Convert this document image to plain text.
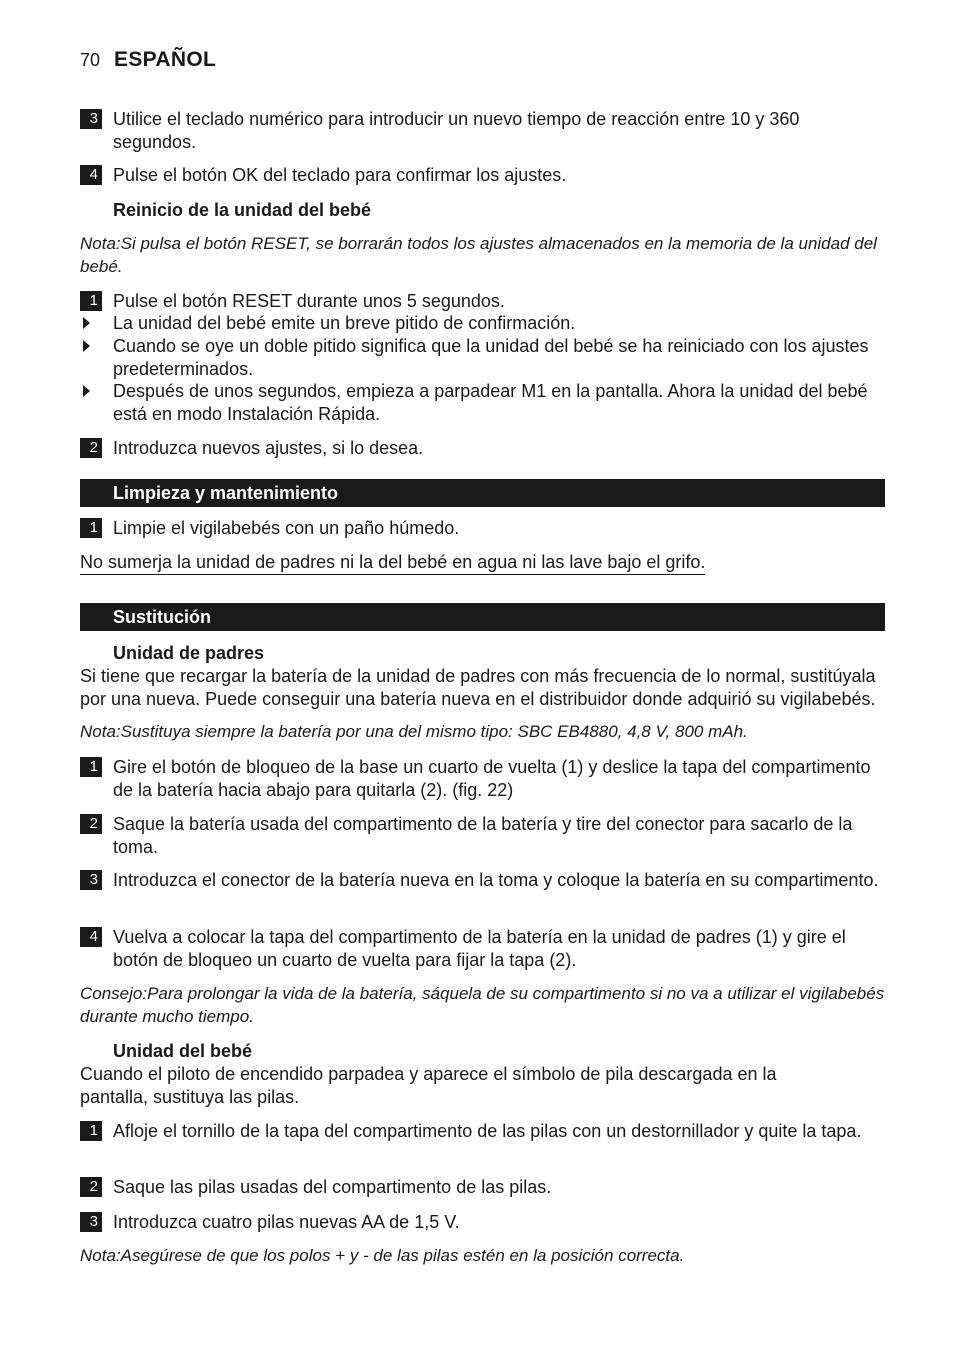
70 ESPAÑOL
3 Utilice el teclado numérico para introducir un nuevo tiempo de reacción entre 10 y 360 segundos.
4 Pulse el botón OK del teclado para confirmar los ajustes.
Reinicio de la unidad del bebé
Nota:Si pulsa el botón RESET, se borrarán todos los ajustes almacenados en la memoria de la unidad del bebé.
1 Pulse el botón RESET durante unos 5 segundos.
La unidad del bebé emite un breve pitido de confirmación.
Cuando se oye un doble pitido significa que la unidad del bebé se ha reiniciado con los ajustes predeterminados.
Después de unos segundos, empieza a parpadear M1 en la pantalla. Ahora la unidad del bebé está en modo Instalación Rápida.
2 Introduzca nuevos ajustes, si lo desea.
Limpieza y mantenimiento
1 Limpie el vigilabebés con un paño húmedo.
No sumerja la unidad de padres ni la del bebé en agua ni las lave bajo el grifo.
Sustitución
Unidad de padres
Si tiene que recargar la batería de la unidad de padres con más frecuencia de lo normal, sustitúyala por una nueva. Puede conseguir una batería nueva en el distribuidor donde adquirió su vigilabebés.
Nota:Sustituya siempre la batería por una del mismo tipo: SBC EB4880, 4,8 V, 800 mAh.
1 Gire el botón de bloqueo de la base un cuarto de vuelta (1) y deslice la tapa del compartimento de la batería hacia abajo para quitarla (2). (fig. 22)
2 Saque la batería usada del compartimento de la batería y tire del conector para sacarlo de la toma.
3 Introduzca el conector de la batería nueva en la toma y coloque la batería en su compartimento.
4 Vuelva a colocar la tapa del compartimento de la batería en la unidad de padres (1) y gire el botón de bloqueo un cuarto de vuelta para fijar la tapa (2).
Consejo:Para prolongar la vida de la batería, sáquela de su compartimento si no va a utilizar el vigilabebés durante mucho tiempo.
Unidad del bebé
Cuando el piloto de encendido parpadea y aparece el símbolo de pila descargada en la pantalla, sustituya las pilas.
1 Afloje el tornillo de la tapa del compartimento de las pilas con un destornillador y quite la tapa.
2 Saque las pilas usadas del compartimento de las pilas.
3 Introduzca cuatro pilas nuevas AA de 1,5 V.
Nota:Asegúrese de que los polos + y - de las pilas estén en la posición correcta.
